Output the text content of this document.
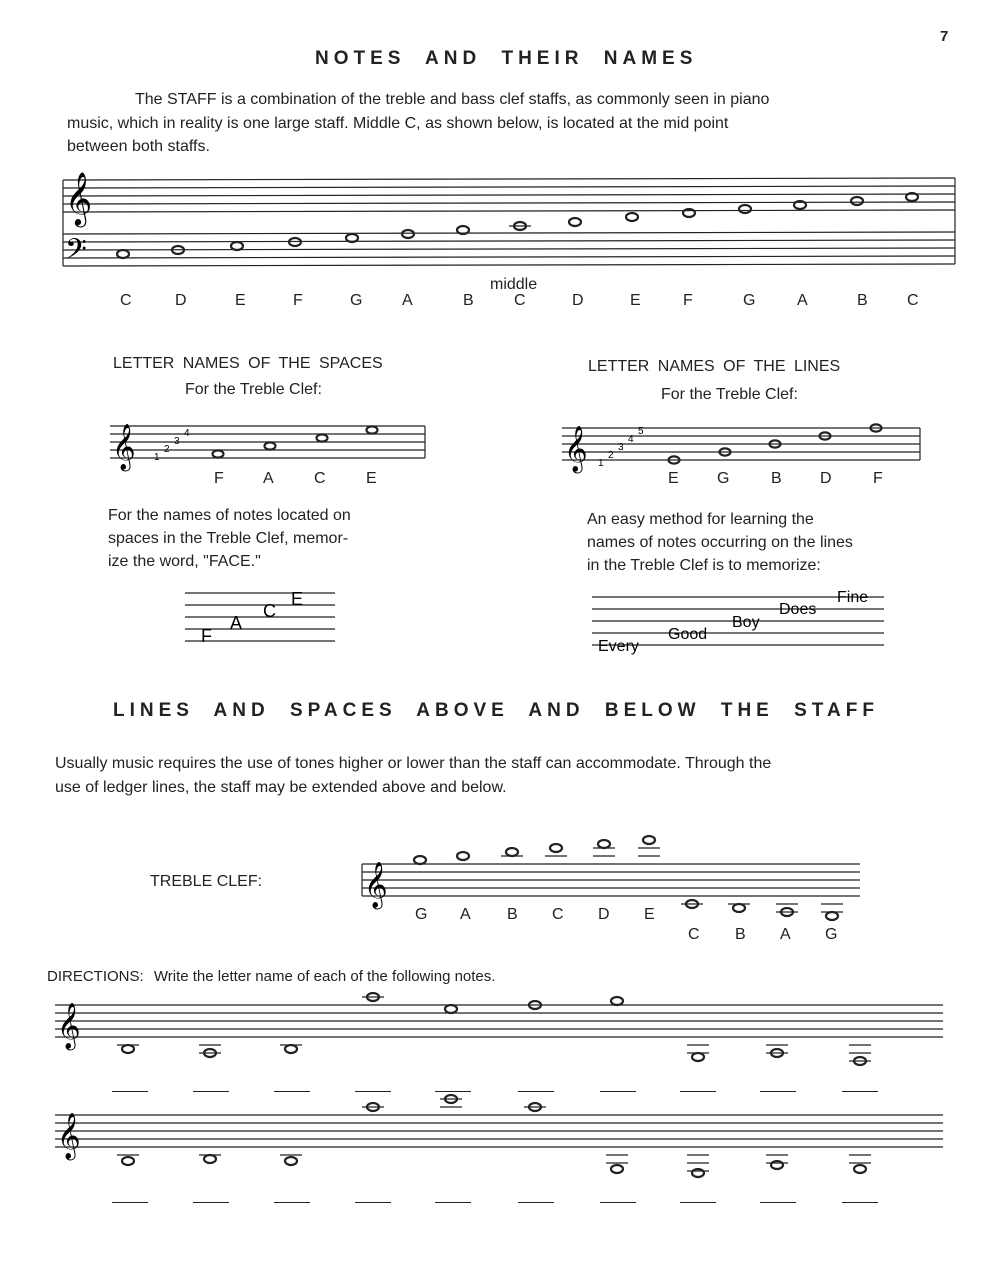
7
NOTES AND THEIR NAMES
The STAFF is a combination of the treble and bass clef staffs, as commonly seen in piano
music, which in reality is one large staff. Middle C, as shown below, is located at the mid point
between both staffs.
𝄞
𝄢
middle
C	D	E	F	G A	B	C	D	E	F	G	A	B C
LETTER NAMES OF THE SPACES
For the Treble Clef:
𝄞 1
2
3
4
F A	C	E
For the names of notes located on
spaces in the Treble Clef, memor-
ize the word, "FACE."
F
A
C
E
LETTER NAMES OF THE LINES
For the Treble Clef:
𝄞 1
2
3
4
5
E G	B D	F
An easy method for learning the
names of notes occurring on the lines
in the Treble Clef is to memorize:
Every
Good
Boy
Does
Fine
LINES AND SPACES ABOVE AND BELOW THE STAFF
Usually music requires the use of tones higher or lower than the staff can accommodate. Through the
use of ledger lines, the staff may be extended above and below.
TREBLE CLEF:	𝄞
G A B C D E
C B A G
DIRECTIONS: Write the letter name of each of the following notes.
𝄞
𝄞
